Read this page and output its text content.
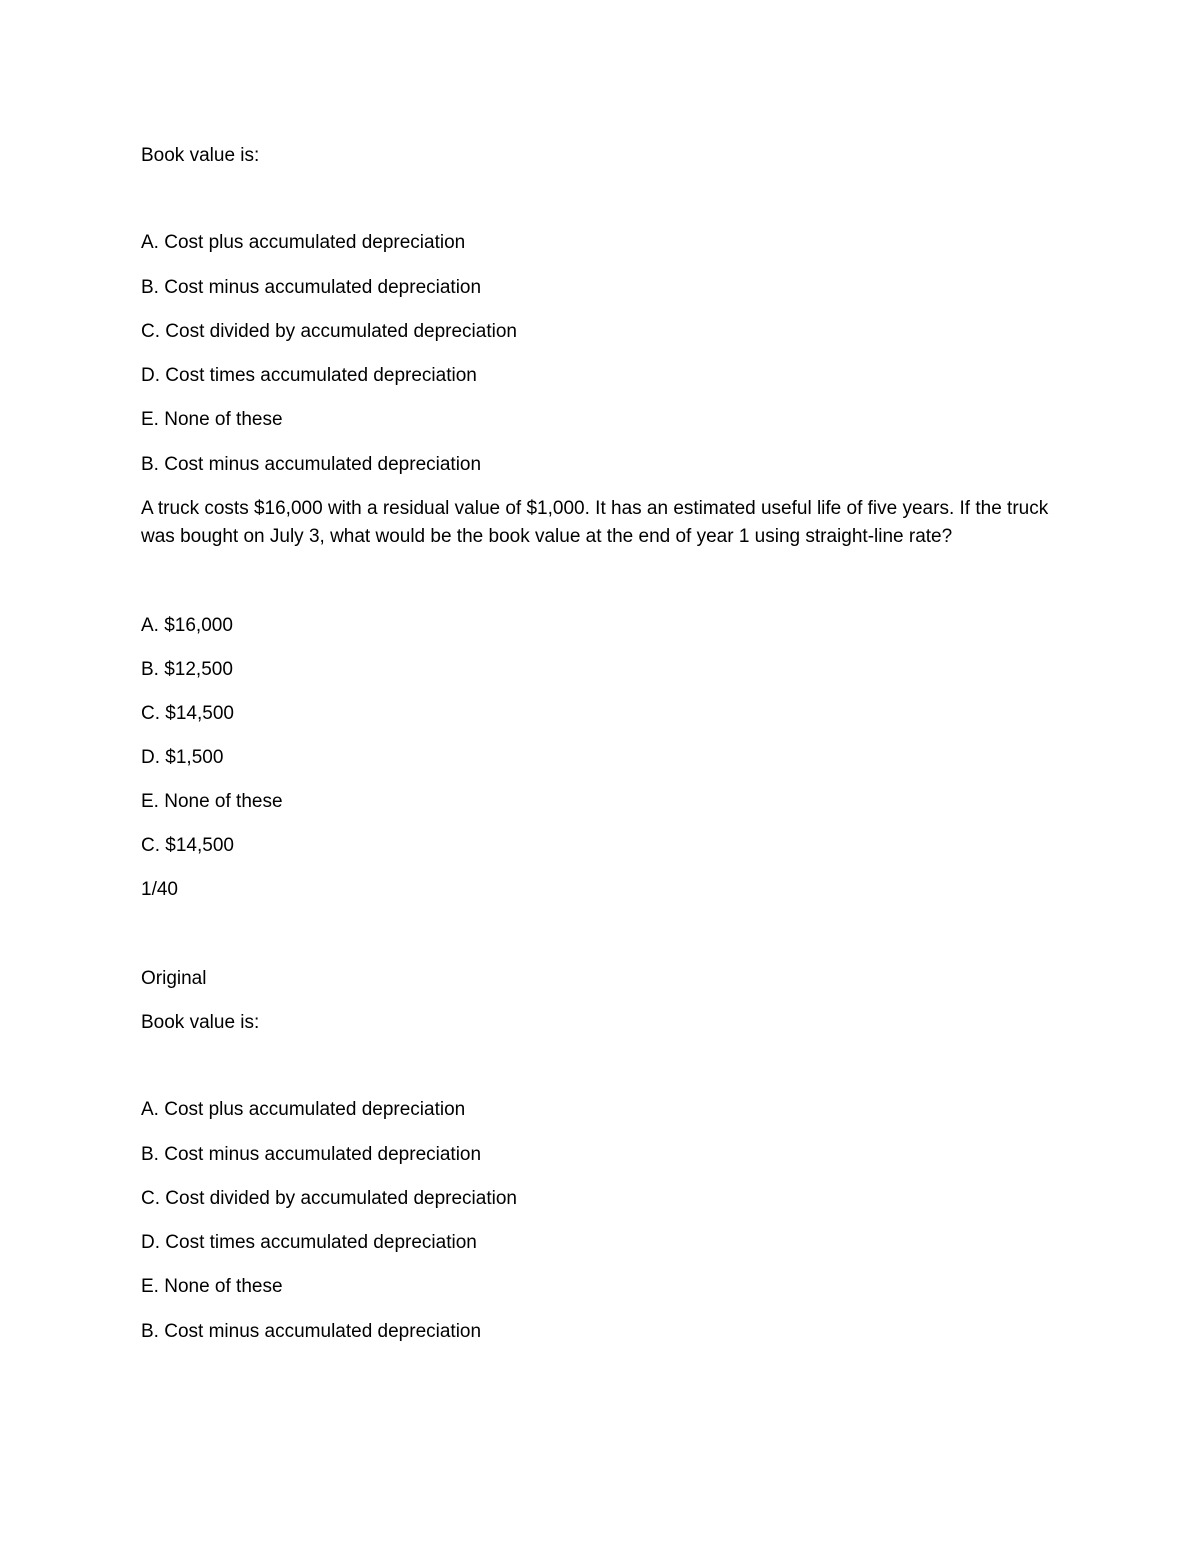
Book value is:
A. Cost plus accumulated depreciation
B. Cost minus accumulated depreciation
C. Cost divided by accumulated depreciation
D. Cost times accumulated depreciation
E. None of these
B. Cost minus accumulated depreciation
A truck costs $16,000 with a residual value of $1,000. It has an estimated useful life of five years. If the truck was bought on July 3, what would be the book value at the end of year 1 using straight-line rate?
A. $16,000
B. $12,500
C. $14,500
D. $1,500
E. None of these
C. $14,500
1/40
Original
Book value is:
A. Cost plus accumulated depreciation
B. Cost minus accumulated depreciation
C. Cost divided by accumulated depreciation
D. Cost times accumulated depreciation
E. None of these
B. Cost minus accumulated depreciation
